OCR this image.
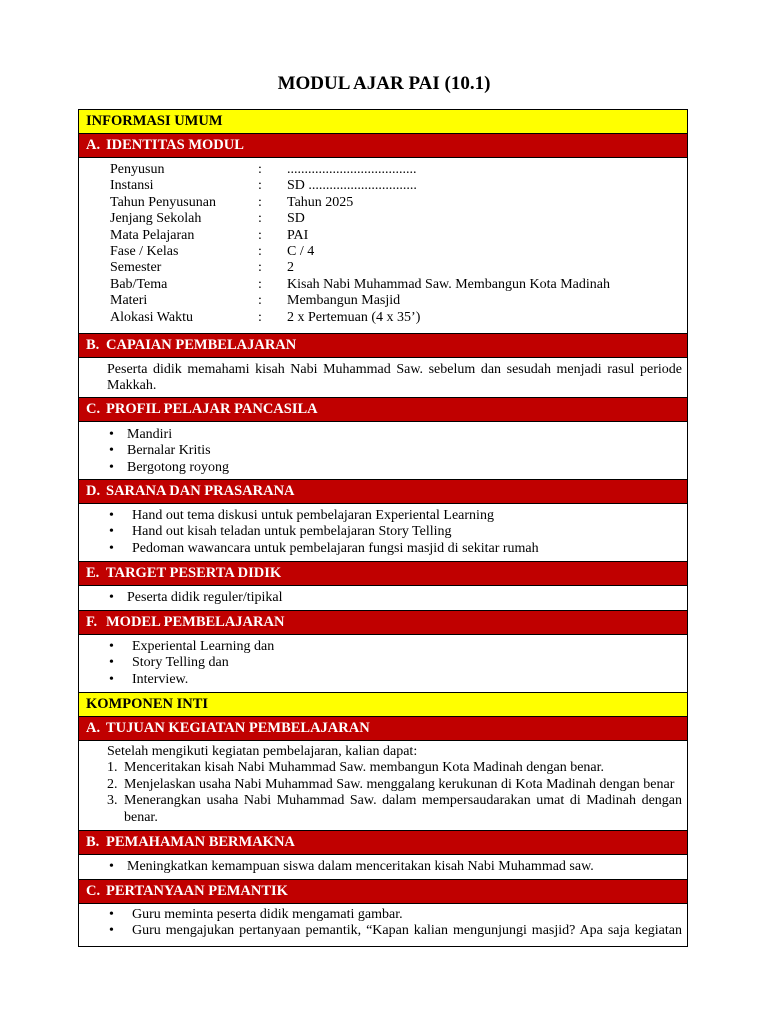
MODUL AJAR PAI (10.1)
INFORMASI UMUM
A. IDENTITAS MODUL
Penyusun	:	.....................................
Instansi	:	SD ...............................
Tahun Penyusunan	:	Tahun 2025
Jenjang Sekolah	:	SD
Mata Pelajaran	:	PAI
Fase / Kelas	:	C / 4
Semester	:	2
Bab/Tema	:	Kisah Nabi Muhammad Saw. Membangun Kota Madinah
Materi	:	Membangun Masjid
Alokasi Waktu	:	2 x Pertemuan (4 x 35’)
B. CAPAIAN PEMBELAJARAN
Peserta didik memahami kisah Nabi Muhammad Saw. sebelum dan sesudah menjadi rasul periode Makkah.
C. PROFIL PELAJAR PANCASILA
• Mandiri
• Bernalar Kritis
• Bergotong royong
D. SARANA DAN PRASARANA
• Hand out tema diskusi untuk pembelajaran Experiental Learning
• Hand out kisah teladan untuk pembelajaran Story Telling
• Pedoman wawancara untuk pembelajaran fungsi masjid di sekitar rumah
E. TARGET PESERTA DIDIK
• Peserta didik reguler/tipikal
F. MODEL PEMBELAJARAN
• Experiental Learning dan
• Story Telling dan
• Interview.
KOMPONEN INTI
A. TUJUAN KEGIATAN PEMBELAJARAN
Setelah mengikuti kegiatan pembelajaran, kalian dapat:
1. Menceritakan kisah Nabi Muhammad Saw. membangun Kota Madinah dengan benar.
2. Menjelaskan usaha Nabi Muhammad Saw. menggalang kerukunan di Kota Madinah dengan benar
3. Menerangkan usaha Nabi Muhammad Saw. dalam mempersaudarakan umat di Madinah dengan benar.
B. PEMAHAMAN BERMAKNA
• Meningkatkan kemampuan siswa dalam menceritakan kisah Nabi Muhammad saw.
C. PERTANYAAN PEMANTIK
• Guru meminta peserta didik mengamati gambar.
• Guru mengajukan pertanyaan pemantik, “Kapan kalian mengunjungi masjid? Apa saja kegiatan
